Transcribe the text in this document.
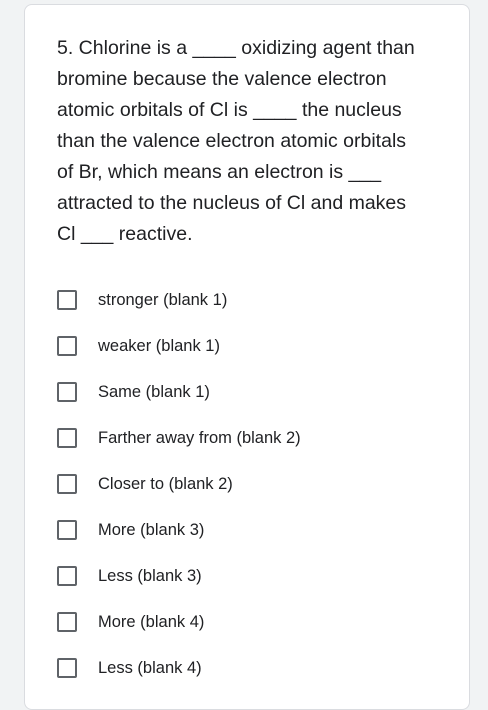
5. Chlorine is a ____ oxidizing agent than
bromine because the valence electron
atomic orbitals of Cl is ____ the nucleus
than the valence electron atomic orbitals
of Br, which means an electron is ___
attracted to the nucleus of Cl and makes
Cl ___ reactive.
stronger (blank 1)
weaker (blank 1)
Same (blank 1)
Farther away from (blank 2)
Closer to (blank 2)
More (blank 3)
Less (blank 3)
More (blank 4)
Less (blank 4)
